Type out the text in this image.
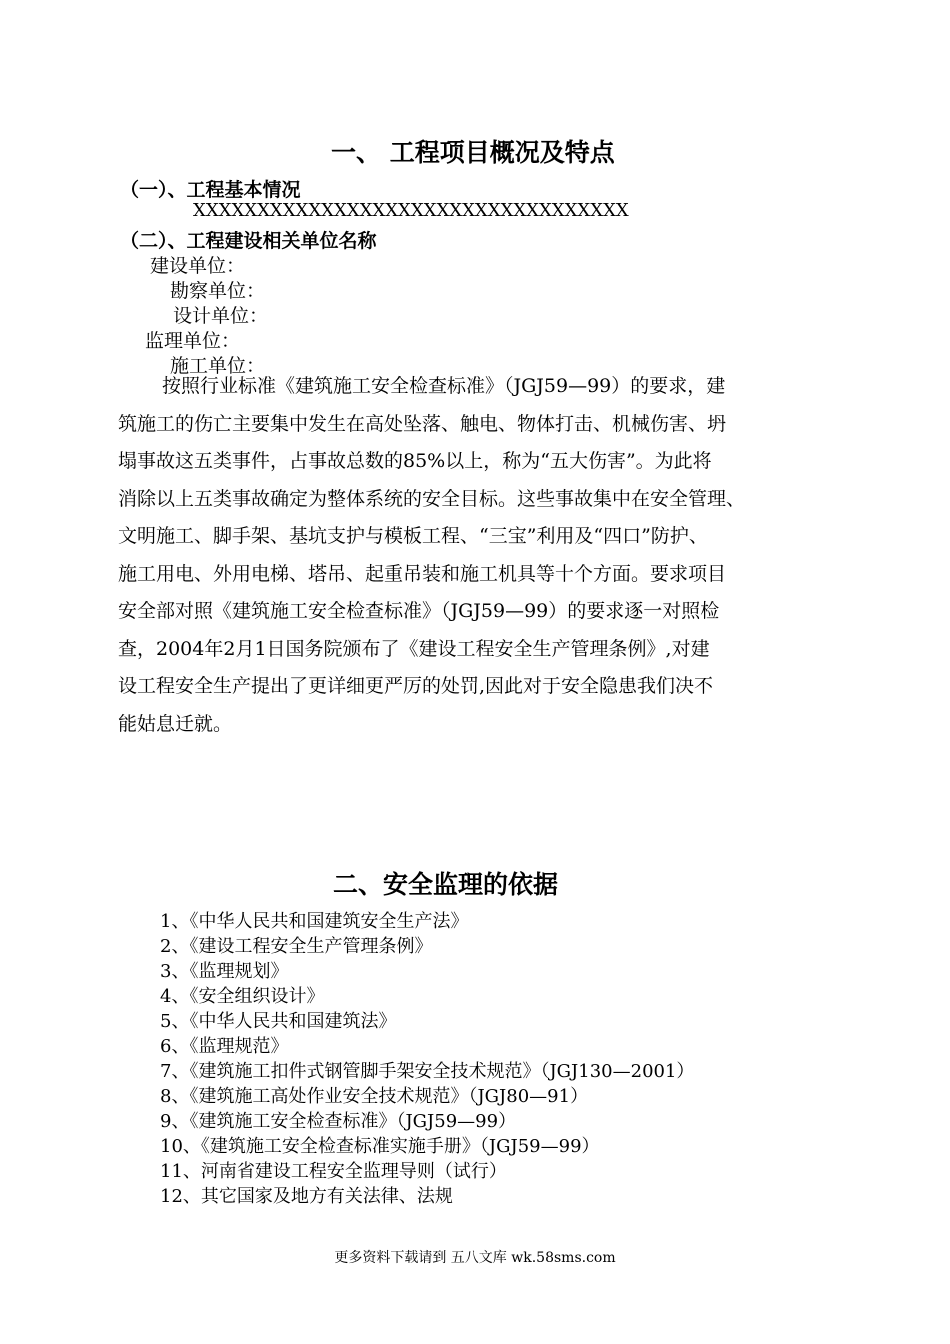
一、 工程项目概况及特点
（一）、工程基本情况
XXXXXXXXXXXXXXXXXXXXXXXXXXXXXXXXXX
（二）、工程建设相关单位名称
建设单位：
勘察单位：
设计单位：
监理单位：
施工单位：

按照行业标准《建筑施工安全检查标准》（JGJ59—99）的要求，建

筑施工的伤亡主要集中发生在高处坠落、触电、物体打击、机械伤害、坍

塌事故这五类事件，占事故总数的85%以上，称为“五大伤害”。为此将

消除以上五类事故确定为整体系统的安全目标。这些事故集中在安全管理、

文明施工、脚手架、基坑支护与模板工程、“三宝”利用及“四口”防护、

施工用电、外用电梯、塔吊、起重吊装和施工机具等十个方面。要求项目

安全部对照《建筑施工安全检查标准》（JGJ59—99）的要求逐一对照检

查，2004年2月1日国务院颁布了《建设工程安全生产管理条例》,对建

设工程安全生产提出了更详细更严厉的处罚,因此对于安全隐患我们决不

能姑息迁就。

二、安全监理的依据
1、《中华人民共和国建筑安全生产法》
2、《建设工程安全生产管理条例》
3、《监理规划》
4、《安全组织设计》
5、《中华人民共和国建筑法》
6、《监理规范》
7、《建筑施工扣件式钢管脚手架安全技术规范》（JGJ130—2001）
8、《建筑施工高处作业安全技术规范》（JGJ80—91）
9、《建筑施工安全检查标准》（JGJ59—99）
10、《建筑施工安全检查标准实施手册》（JGJ59—99）
11、河南省建设工程安全监理导则（试行）
12、其它国家及地方有关法律、法规
更多资料下载请到 五八文库 wk.58sms.com
